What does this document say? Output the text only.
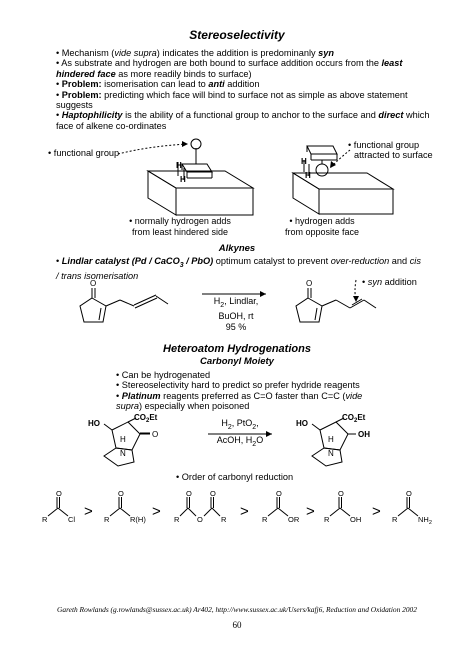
Stereoselectivity
• Mechanism (vide supra) indicates the addition is predominanly syn
• As substrate and hydrogen are both bound to surface addition occurs from the least
hindered face as more readily binds to surface)
• Problem: isomerisation can lead to anti addition
• Problem: predicting which face will bind to surface not as simple as above statement
suggests
• Haptophilicity is the ability of a functional group to anchor to the surface and direct which
face of alkene co-ordinates
H
H
H
H
• functional group
• functional group
attracted to surface
• normally hydrogen adds
from least hindered side
• hydrogen adds
from opposite face
Alkynes
• Lindlar catalyst (Pd / CaCO$_3$ / PbO) optimum catalyst to prevent over-reduction and cis
/ trans isomerisation
O	O	• syn addition
$H_2$, Lindlar,
BuOH, rt
95 %
Heteroatom Hydrogenations
Carbonyl Moiety
• Can be hydrogenated
• Stereoselectivity hard to predict so prefer hydride reagents
• Platinum reagents preferred as C=O faster than C=C (vide
supra) especially when poisoned
HO
$CO_2Et$
H
N
O
HO
$CO_2Et$
H
N
OH
$H_2$, PtO$_2$,
AcOH, $H_2O$
• Order of carbonyl reduction
O
R	Cl
O
R	R(H)
O O
R O R
O
R	OR
O
R	OH
O
R	$NH_2$
>	>	>	>	>
Gareth Rowlands (g.rowlands@sussex.ac.uk) Ar402, http://www.sussex.ac.uk/Users/kafj6, Reduction and Oxidation 2002
60
